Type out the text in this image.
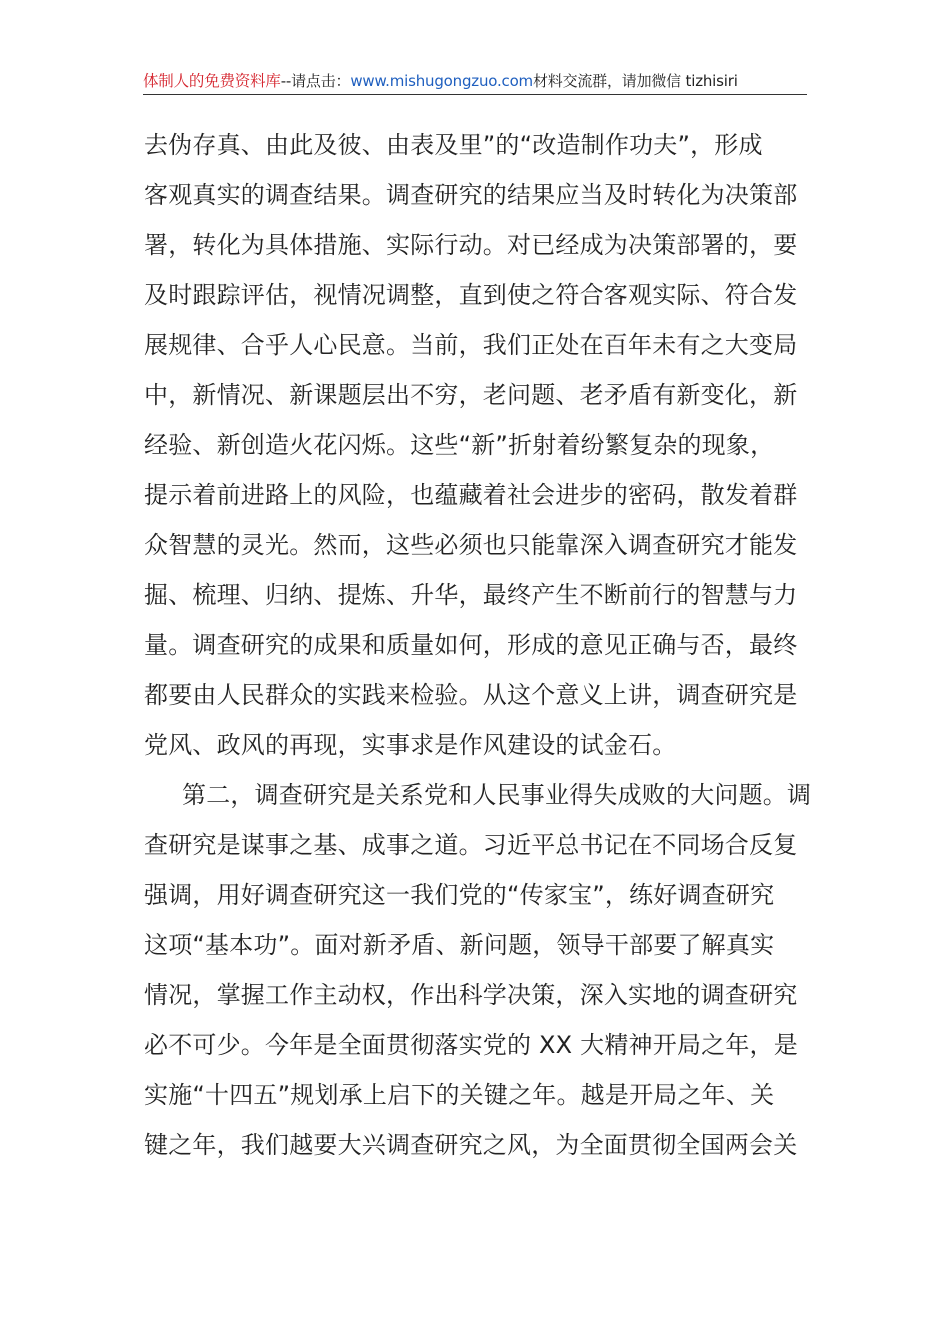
体制人的免费资料库--请点击：www.mishugongzuo.com材料交流群，请加微信 tizhisiri
去伪存真、由此及彼、由表及里”的“改造制作功夫”，形成
客观真实的调查结果。调查研究的结果应当及时转化为决策部
署，转化为具体措施、实际行动。对已经成为决策部署的，要
及时跟踪评估，视情况调整，直到使之符合客观实际、符合发
展规律、合乎人心民意。当前，我们正处在百年未有之大变局
中，新情况、新课题层出不穷，老问题、老矛盾有新变化，新
经验、新创造火花闪烁。这些“新”折射着纷繁复杂的现象，
提示着前进路上的风险，也蕴藏着社会进步的密码，散发着群
众智慧的灵光。然而，这些必须也只能靠深入调查研究才能发
掘、梳理、归纳、提炼、升华，最终产生不断前行的智慧与力
量。调查研究的成果和质量如何，形成的意见正确与否，最终
都要由人民群众的实践来检验。从这个意义上讲，调查研究是
党风、政风的再现，实事求是作风建设的试金石。
第二，调查研究是关系党和人民事业得失成败的大问题。调
查研究是谋事之基、成事之道。习近平总书记在不同场合反复
强调，用好调查研究这一我们党的“传家宝”，练好调查研究
这项“基本功”。面对新矛盾、新问题，领导干部要了解真实
情况，掌握工作主动权，作出科学决策，深入实地的调查研究
必不可少。今年是全面贯彻落实党的 XX 大精神开局之年，是
实施“十四五”规划承上启下的关键之年。越是开局之年、关
键之年，我们越要大兴调查研究之风，为全面贯彻全国两会关
